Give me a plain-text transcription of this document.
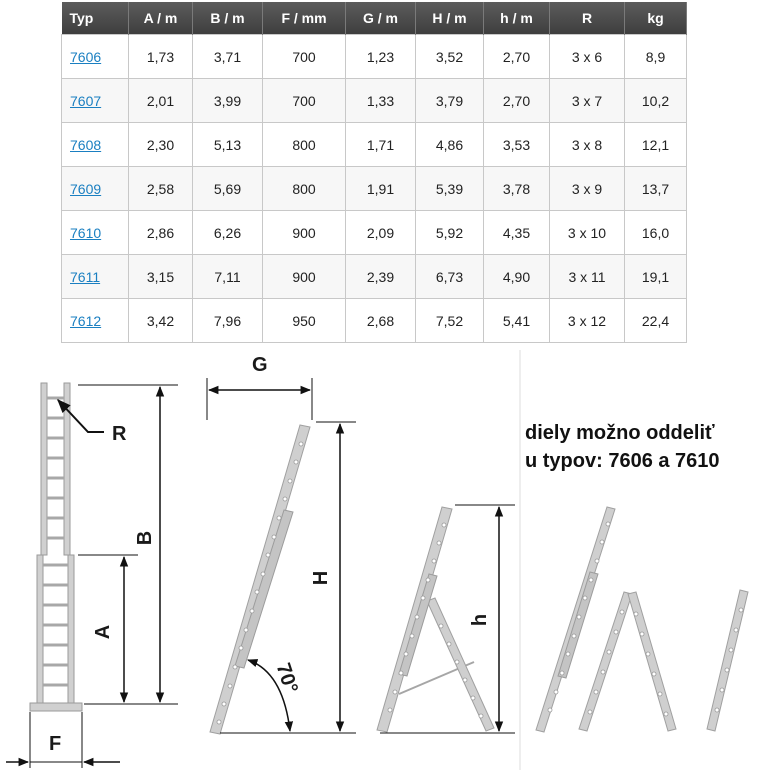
Typ	A / m	B / m	F / mm	G / m	H / m	h / m	R	kg
7606	1,73	3,71	700	1,23	3,52	2,70	3 x 6	8,9
7607	2,01	3,99	700	1,33	3,79	2,70	3 x 7	10,2
7608	2,30	5,13	800	1,71	4,86	3,53	3 x 8	12,1
7609	2,58	5,69	800	1,91	5,39	3,78	3 x 9	13,7
7610	2,86	6,26	900	2,09	5,92	4,35	3 x 10	16,0
7611	3,15	7,11	900	2,39	6,73	4,90	3 x 11	19,1
7612	3,42	7,96	950	2,68	7,52	5,41	3 x 12	22,4
R
B
A
F
G
H
70°
h
diely možno oddeliť
u typov: 7606 a 7610
